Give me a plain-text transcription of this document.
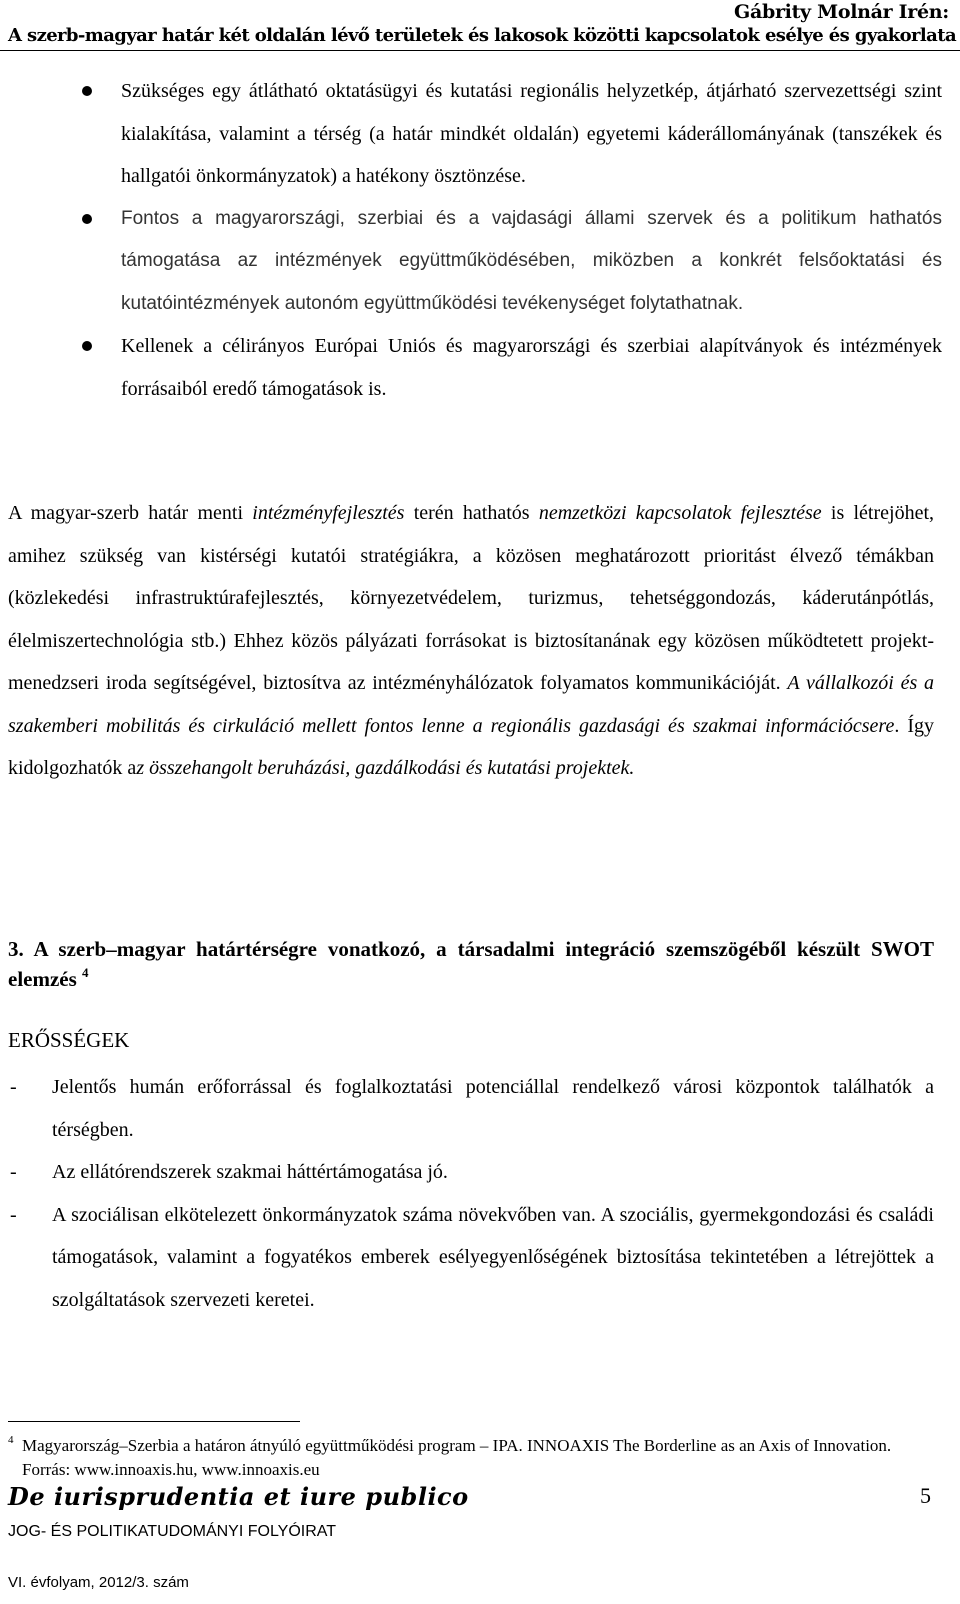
Gábrity Molnár Irén:
A szerb-magyar határ két oldalán lévő területek és lakosok közötti kapcsolatok esélye és gyakorlata
Szükséges egy átlátható oktatásügyi és kutatási regionális helyzetkép, átjárható szervezettségi szint kialakítása, valamint a térség (a határ mindkét oldalán) egyetemi káderállományának (tanszékek és hallgatói önkormányzatok) a hatékony ösztönzése.
Fontos a magyarországi, szerbiai és a vajdasági állami szervek és a politikum hathatós támogatása az intézmények együttműködésében, miközben a konkrét felsőoktatási és kutatóintézmények autonóm együttműködési tevékenységet folytathatnak.
Kellenek a célirányos Európai Uniós és magyarországi és szerbiai alapítványok és intézmények forrásaiból eredő támogatások is.
A magyar-szerb határ menti intézményfejlesztés terén hathatós nemzetközi kapcsolatok fejlesztése is létrejöhet, amihez szükség van kistérségi kutatói stratégiákra, a közösen meghatározott prioritást élvező témákban (közlekedési infrastruktúrafejlesztés, környezetvédelem, turizmus, tehetséggondozás, káderutánpótlás, élelmiszertechnológia stb.) Ehhez közös pályázati forrásokat is biztosítanának egy közösen működtetett projekt-menedzseri iroda segítségével, biztosítva az intézményhálózatok folyamatos kommunikációját. A vállalkozói és a szakemberi mobilitás és cirkuláció mellett fontos lenne a regionális gazdasági és szakmai információcsere. Így kidolgozhatók az összehangolt beruházási, gazdálkodási és kutatási projektek.
3. A szerb–magyar határtérségre vonatkozó, a társadalmi integráció szemszögéből készült SWOT elemzés $^4$
ERŐSSÉGEK
- Jelentős humán erőforrással és foglalkoztatási potenciállal rendelkező városi központok találhatók a térségben.
- Az ellátórendszerek szakmai háttértámogatása jó.
- A szociálisan elkötelezett önkormányzatok száma növekvőben van. A szociális, gyermekgondozási és családi támogatások, valamint a fogyatékos emberek esélyegyenlőségének biztosítása tekintetében a létrejöttek a szolgáltatások szervezeti keretei.
4 Magyarország–Szerbia a határon átnyúló együttműködési program – IPA. INNOAXIS The Borderline as an Axis of Innovation. Forrás: www.innoaxis.hu, www.innoaxis.eu
De iurisprudentia et iure publico	5
JOG- ÉS POLITIKATUDOMÁNYI FOLYÓIRAT
VI. évfolyam, 2012/3. szám
